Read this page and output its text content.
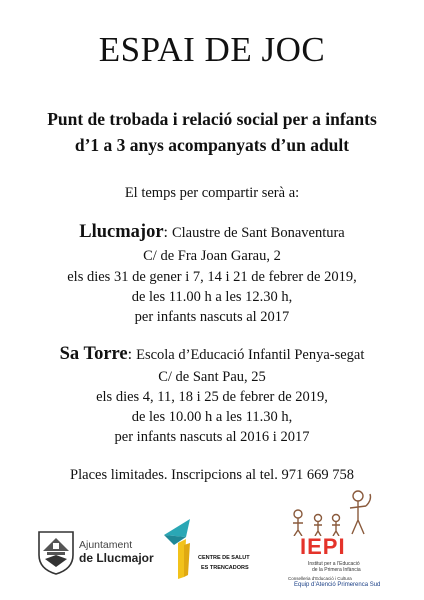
ESPAI DE JOC
Punt de trobada i relació social per a infants
d’1 a 3 anys acompanyats d’un adult
El temps per compartir serà a:
Llucmajor: Claustre de Sant Bonaventura
C/ de Fra Joan Garau, 2
els dies 31 de gener i 7, 14 i 21 de febrer de 2019,
de les 11.00 h a les 12.30 h,
per infants nascuts al 2017
Sa Torre: Escola d’Educació Infantil Penya-segat
C/ de Sant Pau, 25
els dies 4, 11, 18 i 25 de febrer de 2019,
de les 10.00 h a les 11.30 h,
per infants nascuts al 2016 i 2017
Places limitades. Inscripcions al tel. 971 669 758
Ajuntament
de Llucmajor	CENTRE DE SALUT
ES TRENCADORS
IEPI
Institut per a l’Educació
de la Primera Infància
Conselleria d’Educació i Cultura
Equip d’Atenció Primerenca Sud
